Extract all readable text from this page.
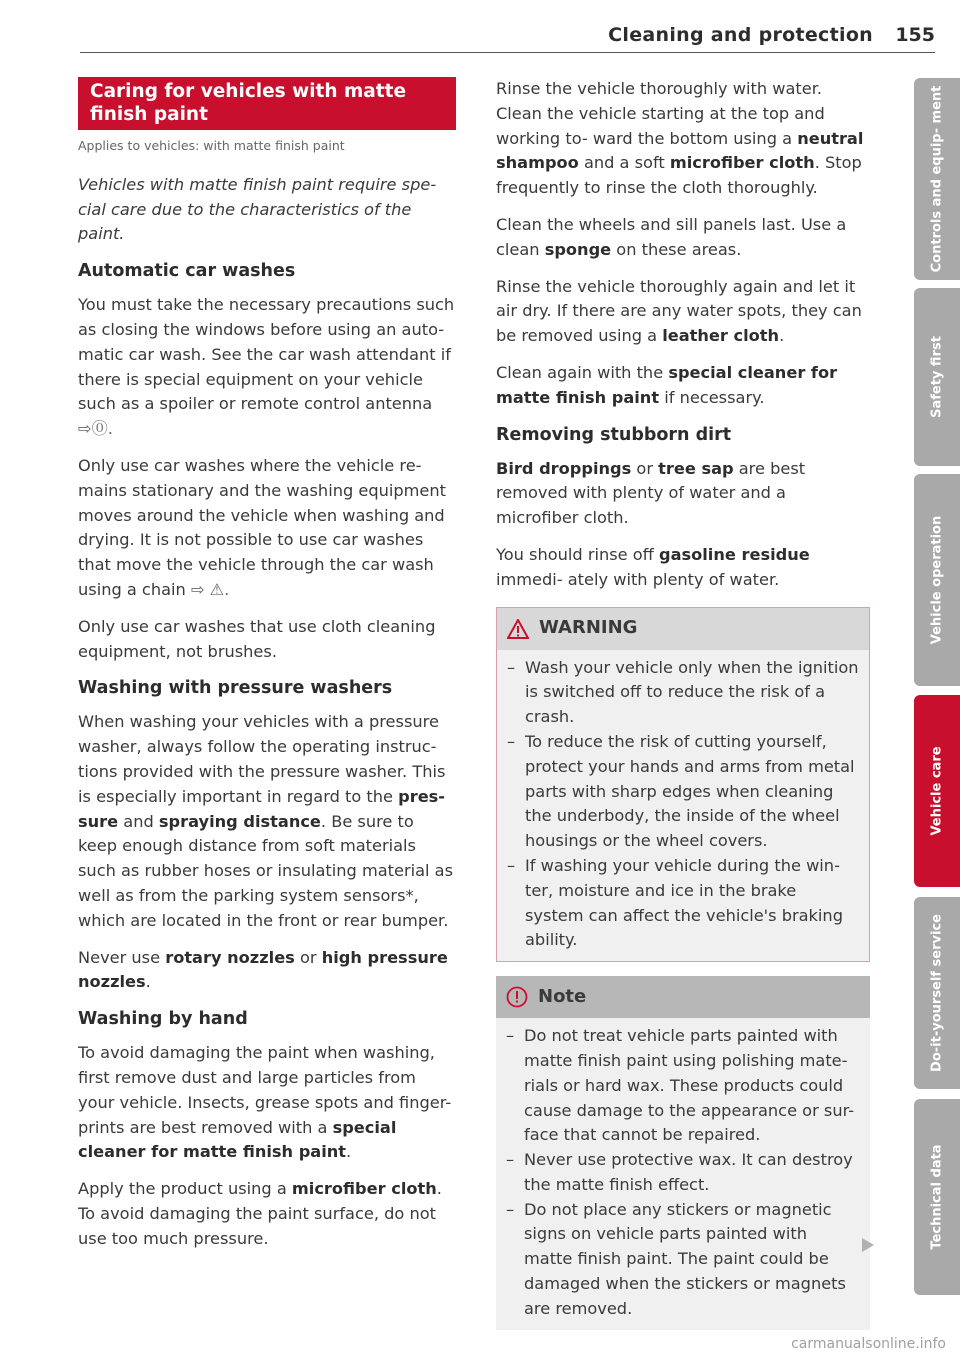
Cleaning and protection 155
Caring for vehicles with matte finish paint
Applies to vehicles: with matte finish paint

Vehicles with matte finish paint require spe- cial care due to the characteristics of the paint.

Automatic car washes

You must take the necessary precautions such as closing the windows before using an auto- matic car wash. See the car wash attendant if there is special equipment on your vehicle such as a spoiler or remote control antenna ⇨⓪.

Only use car washes where the vehicle re- mains stationary and the washing equipment moves around the vehicle when washing and drying. It is not possible to use car washes that move the vehicle through the car wash using a chain ⇨ ⚠.

Only use car washes that use cloth cleaning equipment, not brushes.

Washing with pressure washers

When washing your vehicles with a pressure washer, always follow the operating instruc- tions provided with the pressure washer. This is especially important in regard to the pres- sure and spraying distance. Be sure to keep enough distance from soft materials such as rubber hoses or insulating material as well as from the parking system sensors*, which are located in the front or rear bumper.

Never use rotary nozzles or high pressure nozzles.

Washing by hand

To avoid damaging the paint when washing, first remove dust and large particles from your vehicle. Insects, grease spots and finger- prints are best removed with a special cleaner for matte finish paint.

Apply the product using a microfiber cloth. To avoid damaging the paint surface, do not use too much pressure.

Rinse the vehicle thoroughly with water. Clean the vehicle starting at the top and working to- ward the bottom using a neutral shampoo and a soft microfiber cloth. Stop frequently to rinse the cloth thoroughly.

Clean the wheels and sill panels last. Use a clean sponge on these areas.

Rinse the vehicle thoroughly again and let it air dry. If there are any water spots, they can be removed using a leather cloth.

Clean again with the special cleaner for matte finish paint if necessary.

Removing stubborn dirt

Bird droppings or tree sap are best removed with plenty of water and a microfiber cloth.

You should rinse off gasoline residue immedi- ately with plenty of water.

WARNING
– Wash your vehicle only when the ignition is switched off to reduce the risk of a crash.
– To reduce the risk of cutting yourself, protect your hands and arms from metal parts with sharp edges when cleaning the underbody, the inside of the wheel housings or the wheel covers.
– If washing your vehicle during the win- ter, moisture and ice in the brake system can affect the vehicle's braking ability.
Note
– Do not treat vehicle parts painted with matte finish paint using polishing mate- rials or hard wax. These products could cause damage to the appearance or sur- face that cannot be repaired.
– Never use protective wax. It can destroy the matte finish effect.
– Do not place any stickers or magnetic signs on vehicle parts painted with matte finish paint. The paint could be damaged when the stickers or magnets are removed.
Controls and equip- ment
Safety first
Vehicle operation
Vehicle care
Do-it-yourself service
Technical data
carmanualsonline.info
